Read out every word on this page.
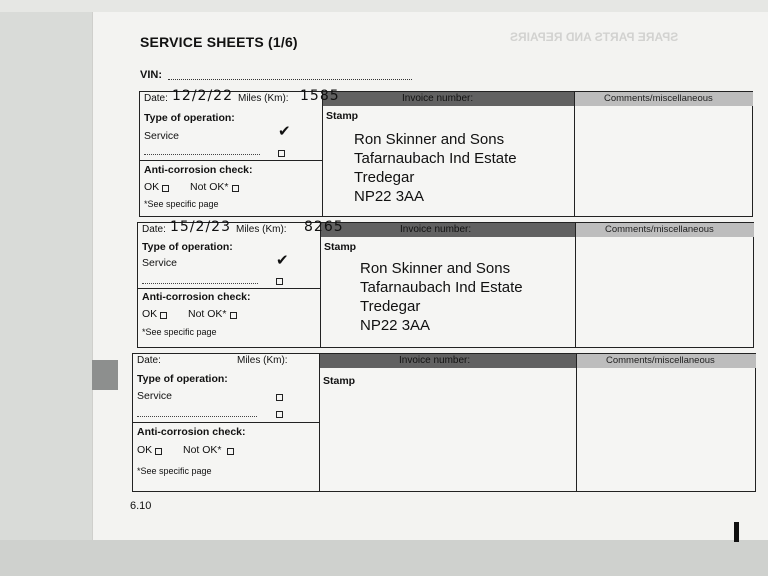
SERVICE SHEETS (1/6)	SPARE PARTS AND REPAIRS
VIN:
6.10
Date: 12/2/22 Miles (Km): 1585	Invoice number:	Comments/miscellaneous
Type of operation:
Service	✔
Anti-corrosion check:
OK	Not OK*
*See specific page
Stamp
Ron Skinner and Sons
Tafarnaubach Ind Estate
Tredegar
NP22 3AA
Date: 15/2/23 Miles (Km): 8265	Invoice number:	Comments/miscellaneous
Type of operation:
Service	✔
Anti-corrosion check:
OK	Not OK*
*See specific page
Stamp
Ron Skinner and Sons
Tafarnaubach Ind Estate
Tredegar
NP22 3AA
Date:	Miles (Km):	Invoice number:	Comments/miscellaneous
Type of operation:
Service
Anti-corrosion check:
OK	Not OK*
*See specific page
Stamp
